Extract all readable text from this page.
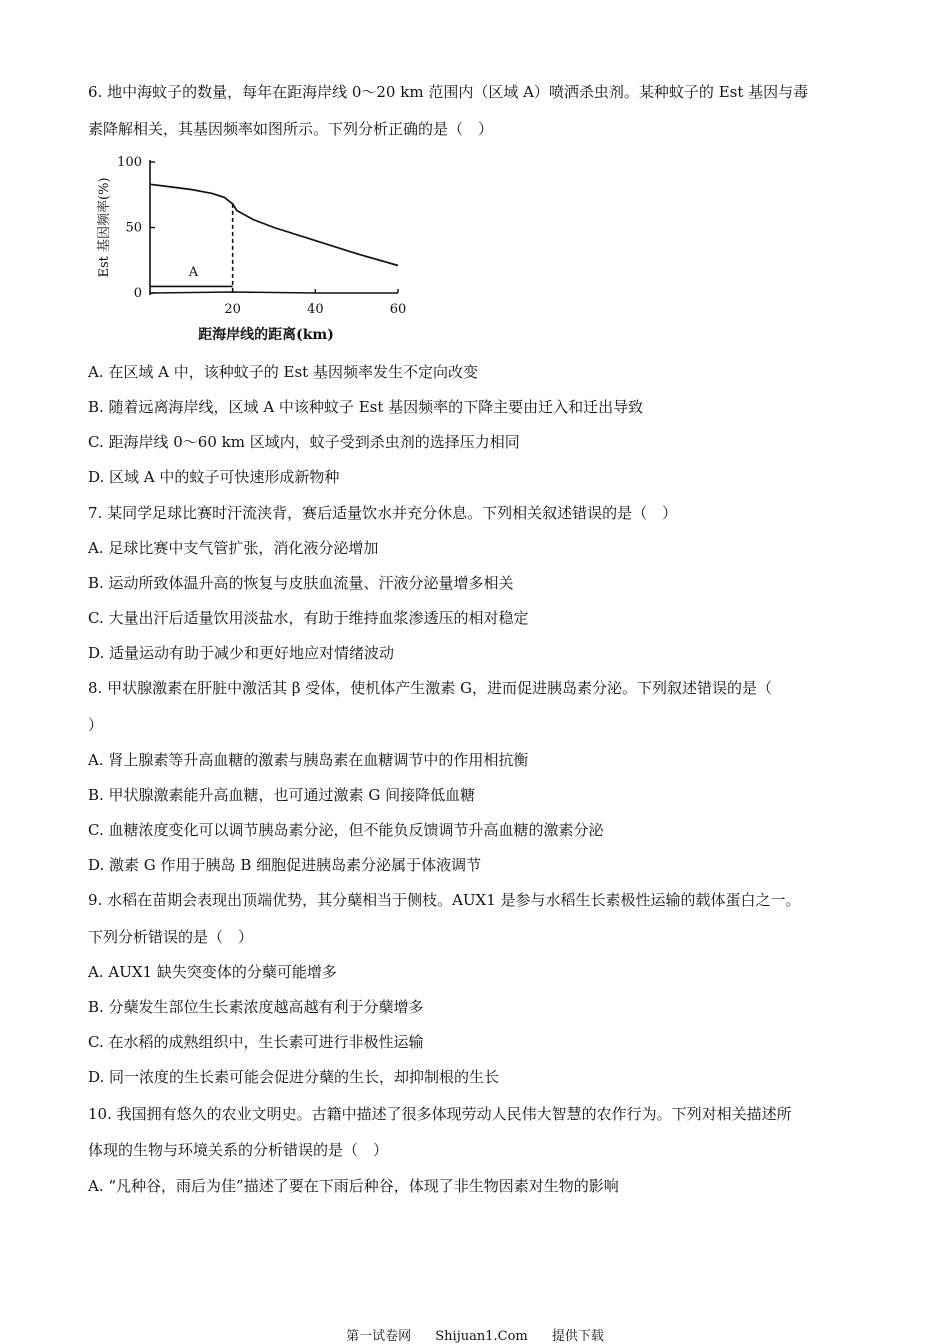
6. 地中海蚊子的数量，每年在距海岸线 0～20 km 范围内（区域 A）喷洒杀虫剂。某种蚊子的 Est 基因与毒
素降解相关，其基因频率如图所示。下列分析正确的是（　）
0
50
100
20	40	60
Est 基因频率(%)
距海岸线的距离(km)
A
A. 在区域 A 中，该种蚊子的 Est 基因频率发生不定向改变
B. 随着远离海岸线，区域 A 中该种蚊子 Est 基因频率的下降主要由迁入和迁出导致
C. 距海岸线 0～60 km 区域内，蚊子受到杀虫剂的选择压力相同
D. 区域 A 中的蚊子可快速形成新物种
7. 某同学足球比赛时汗流浃背，赛后适量饮水并充分休息。下列相关叙述错误的是（　）
A. 足球比赛中支气管扩张，消化液分泌增加
B. 运动所致体温升高的恢复与皮肤血流量、汗液分泌量增多相关
C. 大量出汗后适量饮用淡盐水，有助于维持血浆渗透压的相对稳定
D. 适量运动有助于减少和更好地应对情绪波动
8. 甲状腺激素在肝脏中激活其 β 受体，使机体产生激素 G，进而促进胰岛素分泌。下列叙述错误的是（
）
A. 肾上腺素等升高血糖的激素与胰岛素在血糖调节中的作用相抗衡
B. 甲状腺激素能升高血糖，也可通过激素 G 间接降低血糖
C. 血糖浓度变化可以调节胰岛素分泌，但不能负反馈调节升高血糖的激素分泌
D. 激素 G 作用于胰岛 B 细胞促进胰岛素分泌属于体液调节
9. 水稻在苗期会表现出顶端优势，其分蘖相当于侧枝。AUX1 是参与水稻生长素极性运输的载体蛋白之一。
下列分析错误的是（　）
A. AUX1 缺失突变体的分蘖可能增多
B. 分蘖发生部位生长素浓度越高越有利于分蘖增多
C. 在水稻的成熟组织中，生长素可进行非极性运输
D. 同一浓度的生长素可能会促进分蘖的生长，却抑制根的生长
10. 我国拥有悠久的农业文明史。古籍中描述了很多体现劳动人民伟大智慧的农作行为。下列对相关描述所
体现的生物与环境关系的分析错误的是（　）
A. “凡种谷，雨后为佳”描述了要在下雨后种谷，体现了非生物因素对生物的影响
第一试卷网 Shijuan1.Com 提供下载
